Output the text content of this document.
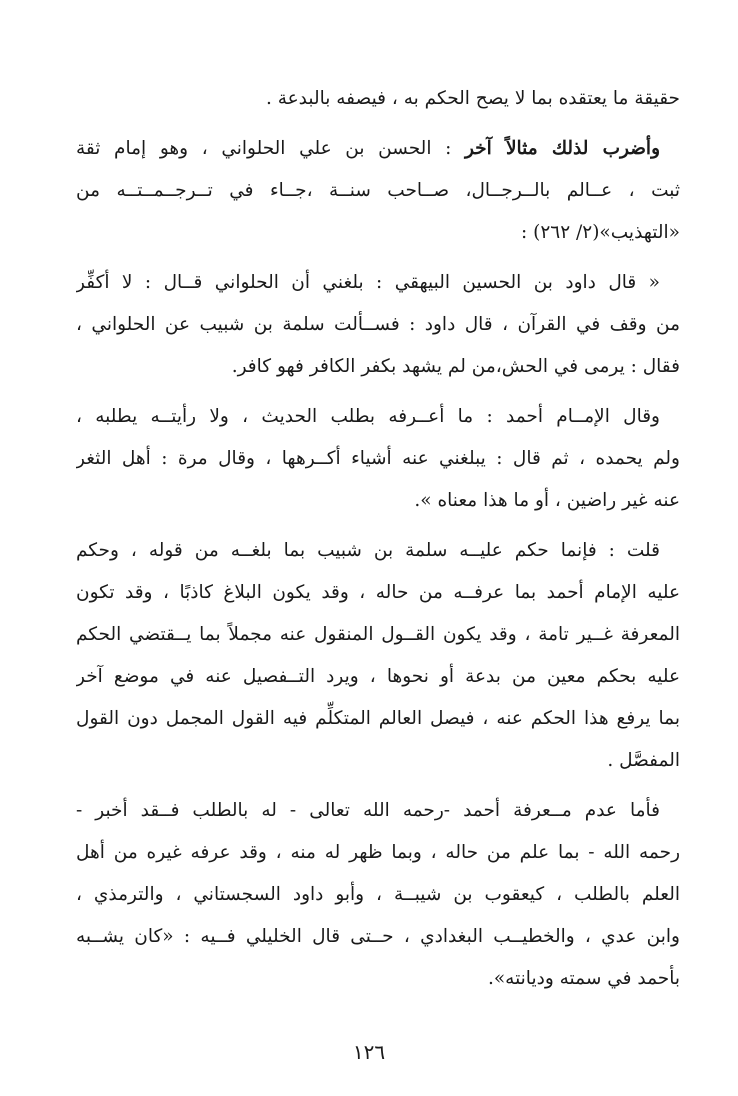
حقيقة ما يعتقده بما لا يصح الحكم به ، فيصفه بالبدعة .
وأضرب لذلك مثالاً آخر : الحسن بن علي الحلواني ، وهو إمام ثقة
ثبت ، عــالم بالــرجــال، صــاحب سنــة ،جــاء في تــرجــمــتــه من
«التهذيب»(٢/ ٢٦٢) :
« قال داود بن الحسين البيهقي : بلغني أن الحلواني قــال : لا أكفِّر
من وقف في القرآن ، قال داود : فســألت سلمة بن شبيب عن الحلواني ،
فقال : يرمى في الحش،من لم يشهد بكفر الكافر فهو كافر.
وقال الإمــام أحمد : ما أعــرفه بطلب الحديث ، ولا رأيتــه يطلبه ،
ولم يحمده ، ثم قال : يبلغني عنه أشياء أكــرهها ، وقال مرة : أهل الثغر
عنه غير راضين ، أو ما هذا معناه ».
قلت : فإنما حكم عليــه سلمة بن شبيب بما بلغــه من قوله ، وحكم
عليه الإمام أحمد بما عرفــه من حاله ، وقد يكون البلاغ كاذبًا ، وقد تكون
المعرفة غــير تامة ، وقد يكون القــول المنقول عنه مجملاً بما يــقتضي الحكم
عليه بحكم معين من بدعة أو نحوها ، ويرد التــفصيل عنه في موضع آخر
بما يرفع هذا الحكم عنه ، فيصل العالم المتكلِّم فيه القول المجمل دون القول
المفصَّل .
فأما عدم مــعرفة أحمد -رحمه الله تعالى - له بالطلب فــقد أخبر -
رحمه الله - بما علم من حاله ، وبما ظهر له منه ، وقد عرفه غيره من أهل
العلم بالطلب ، كيعقوب بن شيبــة ، وأبو داود السجستاني ، والترمذي ،
وابن عدي ، والخطيــب البغدادي ، حــتى قال الخليلي فــيه : «كان يشــبه
بأحمد في سمته وديانته».
١٢٦
